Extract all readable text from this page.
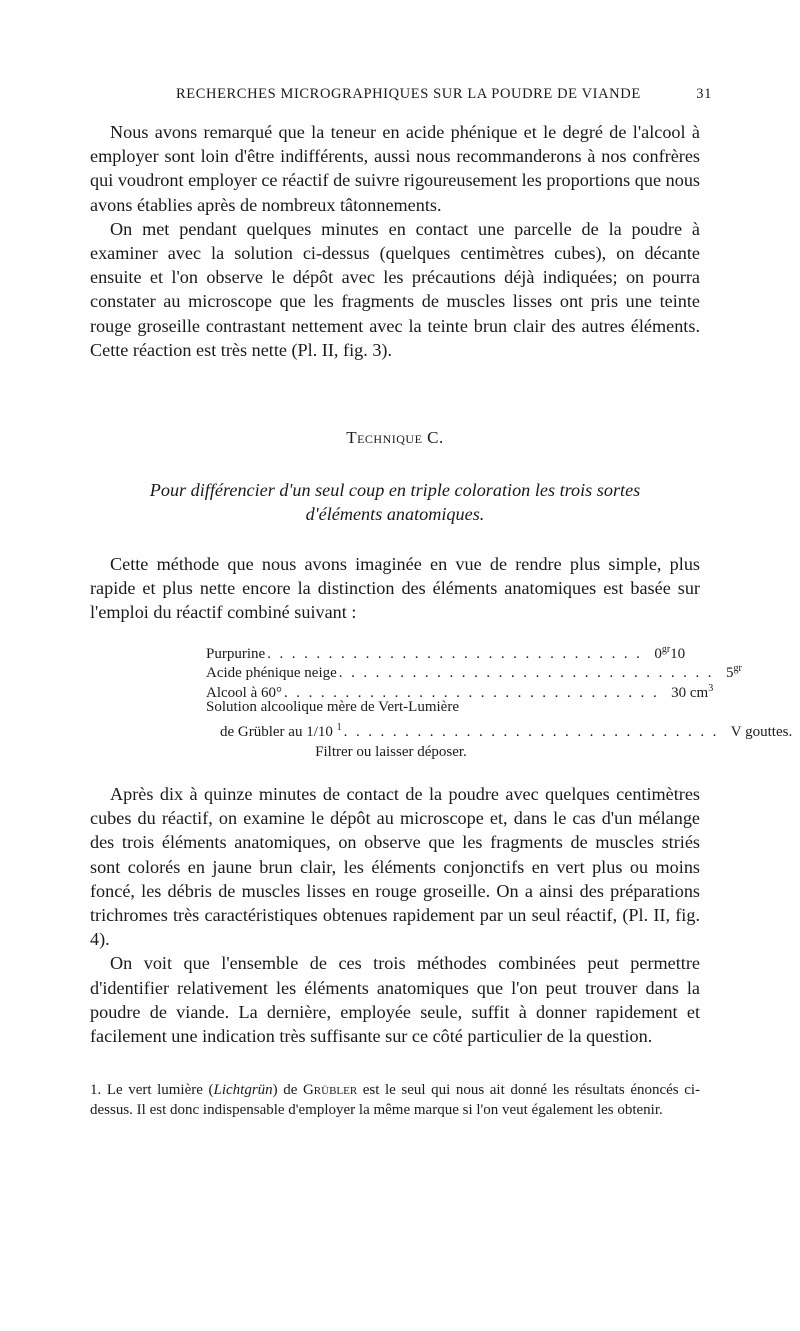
RECHERCHES MICROGRAPHIQUES SUR LA POUDRE DE VIANDE	31

Nous avons remarqué que la teneur en acide phénique et le degré de l'alcool à employer sont loin d'être indifférents, aussi nous recommanderons à nos confrères qui voudront employer ce réactif de suivre rigoureusement les proportions que nous avons établies après de nombreux tâtonnements.

On met pendant quelques minutes en contact une parcelle de la poudre à examiner avec la solution ci-dessus (quelques centimètres cubes), on décante ensuite et l'on observe le dépôt avec les précautions déjà indiquées; on pourra constater au microscope que les fragments de muscles lisses ont pris une teinte rouge groseille contrastant nettement avec la teinte brun clair des autres éléments. Cette réaction est très nette (Pl. II, fig. 3).

Technique C.
Pour différencier d'un seul coup en triple coloration les trois sortes
d'éléments anatomiques.

Cette méthode que nous avons imaginée en vue de rendre plus simple, plus rapide et plus nette encore la distinction des éléments anatomiques est basée sur l'emploi du réactif combiné suivant :

Purpurine . . . . . . . . . . . . . . . . . . . . . . . . . . . . . . . $0^{gr}10$
Acide phénique neige . . . . . . . . . . . . . . . . . . . . . . . . . . . . . . . $5^{gr}$
Alcool à 60° . . . . . . . . . . . . . . . . . . . . . . . . . . . . . . . 30 $cm^3$
Solution alcoolique mère de Vert-Lumière
de Grübler au 1/10 $^1$ . . . . . . . . . . . . . . . . . . . . . . . . . . . . . . . V gouttes.
Filtrer ou laisser déposer.

Après dix à quinze minutes de contact de la poudre avec quelques centimètres cubes du réactif, on examine le dépôt au microscope et, dans le cas d'un mélange des trois éléments anatomiques, on observe que les fragments de muscles striés sont colorés en jaune brun clair, les éléments conjonctifs en vert plus ou moins foncé, les débris de muscles lisses en rouge groseille. On a ainsi des préparations trichromes très caractéristiques obtenues rapidement par un seul réactif, (Pl. II, fig. 4).

On voit que l'ensemble de ces trois méthodes combinées peut permettre d'identifier relativement les éléments anatomiques que l'on peut trouver dans la poudre de viande. La dernière, employée seule, suffit à donner rapidement et facilement une indication très suffisante sur ce côté particulier de la question.

1. Le vert lumière (Lichtgrün) de Grübler est le seul qui nous ait donné les résultats énoncés ci-dessus. Il est donc indispensable d'employer la même marque si l'on veut également les obtenir.
